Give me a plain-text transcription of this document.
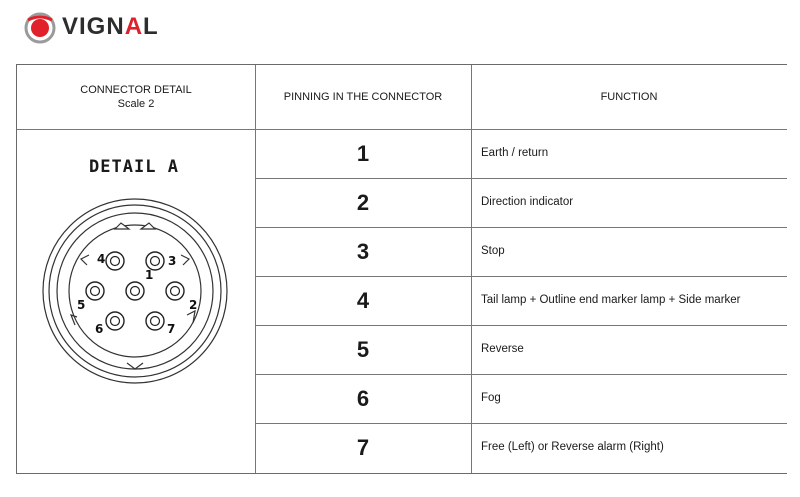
VIGNAL
CONNECTOR DETAIL
Scale 2
PINNING IN THE CONNECTOR	FUNCTION
1
2
3
4
5
6
7
Earth / return
Direction indicator
Stop
Tail lamp + Outline end marker lamp + Side marker
Reverse
Fog
Free (Left) or Reverse alarm (Right)
DETAIL A
1
3
4
2
5
7
6
